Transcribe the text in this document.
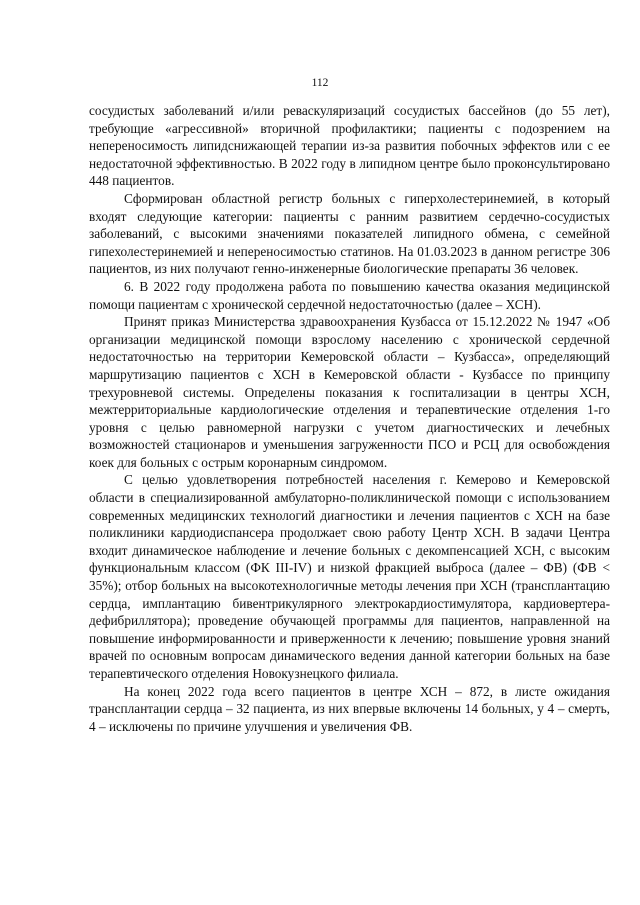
112

сосудистых заболеваний и/или реваскуляризаций сосудистых бассейнов (до 55 лет), требующие «агрессивной» вторичной профилактики; пациенты с подозрением на непереносимость липидснижающей терапии из-за развития побочных эффектов или с ее недостаточной эффективностью. В 2022 году в липидном центре было проконсультировано 448 пациентов.

Сформирован областной регистр больных с гиперхолестеринемией, в который входят следующие категории: пациенты с ранним развитием сердечно-сосудистых заболеваний, с высокими значениями показателей липидного обмена, с семейной гипехолестеринемией и непереносимостью статинов. На 01.03.2023 в данном регистре 306 пациентов, из них получают генно-инженерные биологические препараты 36 человек.

6. В 2022 году продолжена работа по повышению качества оказания медицинской помощи пациентам с хронической сердечной недостаточностью (далее – ХСН).

Принят приказ Министерства здравоохранения Кузбасса от 15.12.2022 № 1947 «Об организации медицинской помощи взрослому населению с хронической сердечной недостаточностью на территории Кемеровской области – Кузбасса», определяющий маршрутизацию пациентов с ХСН в Кемеровской области - Кузбассе по принципу трехуровневой системы. Определены показания к госпитализации в центры ХСН, межтерриториальные кардиологические отделения и терапевтические отделения 1-го уровня с целью равномерной нагрузки с учетом диагностических и лечебных возможностей стационаров и уменьшения загруженности ПСО и РСЦ для освобождения коек для больных с острым коронарным синдромом.

С целью удовлетворения потребностей населения г. Кемерово и Кемеровской области в специализированной амбулаторно-поликлинической помощи с использованием современных медицинских технологий диагностики и лечения пациентов с ХСН на базе поликлиники кардиодиспансера продолжает свою работу Центр ХСН. В задачи Центра входит динамическое наблюдение и лечение больных с декомпенсацией ХСН, с высоким функциональным классом (ФК III-IV) и низкой фракцией выброса (далее – ФВ) (ФВ < 35%); отбор больных на высокотехнологичные методы лечения при ХСН (трансплантацию сердца, имплантацию бивентрикулярного электрокардиостимулятора, кардиовертера-дефибриллятора); проведение обучающей программы для пациентов, направленной на повышение информированности и приверженности к лечению; повышение уровня знаний врачей по основным вопросам динамического ведения данной категории больных на базе терапевтического отделения Новокузнецкого филиала.

На конец 2022 года всего пациентов в центре ХСН – 872, в листе ожидания трансплантации сердца – 32 пациента, из них впервые включены 14 больных, у 4 – смерть, 4 – исключены по причине улучшения и увеличения ФВ.
